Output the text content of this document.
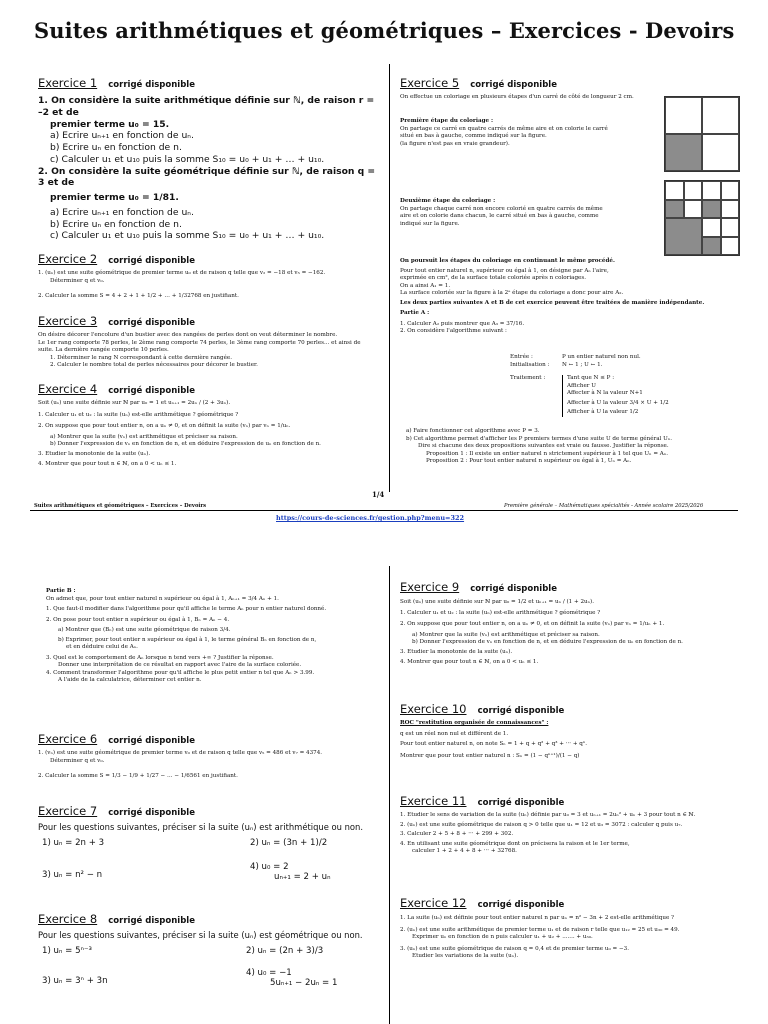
Suites arithmétiques et géométriques – Exercices - Devoirs
Exercice 1 corrigé disponible

1. On considère la suite arithmétique définie sur ℕ, de raison r = –2 et de

premier terme u₀ = 15.

a) Ecrire uₙ₊₁ en fonction de uₙ.

b) Ecrire uₙ en fonction de n.

c) Calculer u₁ et u₁₀ puis la somme S₁₀ = u₀ + u₁ + … + u₁₀.

2. On considère la suite géométrique définie sur ℕ, de raison q = 3 et de

premier terme u₀ = 1/81.

a) Ecrire uₙ₊₁ en fonction de uₙ.

b) Ecrire uₙ en fonction de n.

c) Calculer u₁ et u₁₀ puis la somme S₁₀ = u₀ + u₁ + … + u₁₀.

Exercice 2 corrigé disponible

1. (uₙ) est une suite géométrique de premier terme u₀ et de raison q telle que v₂ = −18 et v₅ = −162.

Déterminer q et v₀.

2. Calculer la somme S = 4 + 2 + 1 + 1/2 + … + 1/32768 en justifiant.

Exercice 3 corrigé disponible

On désire décorer l'encolure d'un bustier avec des rangées de perles dont on veut déterminer le nombre.

Le 1er rang comporte 78 perles, le 2ème rang comporte 74 perles, le 3ème rang comporte 70 perles... et ainsi de

suite. La dernière rangée comporte 10 perles.

1. Déterminer le rang N correspondant à cette dernière rangée.

2. Calculer le nombre total de perles nécessaires pour décorer le bustier.

Exercice 4 corrigé disponible

Soit (uₙ) une suite définie sur ℕ par u₀ = 1 et uₙ₊₁ = 2uₙ / (2 + 3uₙ).

1. Calculer u₁ et u₂ : la suite (uₙ) est-elle arithmétique ? géométrique ?

2. On suppose que pour tout entier n, on a uₙ ≠ 0, et on définit la suite (vₙ) par vₙ = 1/uₙ.

a) Montrer que la suite (vₙ) est arithmétique et préciser sa raison.

b) Donner l'expression de vₙ en fonction de n, et en déduire l'expression de uₙ en fonction de n.

3. Etudier la monotonie de la suite (uₙ).

4. Montrer que pour tout n ∈ ℕ, on a 0 < uₙ ≤ 1.

Exercice 5 corrigé disponible

On effectue un coloriage en plusieurs étapes d'un carré de côté de longueur 2 cm.

Première étape du coloriage :

On partage ce carré en quatre carrés de même aire et on colorie le carré

situé en bas à gauche, comme indiqué sur la figure.

(la figure n'est pas en vraie grandeur).

Deuxième étape du coloriage :

On partage chaque carré non encore colorié en quatre carrés de même

aire et on colorie dans chacun, le carré situé en bas à gauche, comme

indiqué sur la figure.

On poursuit les étapes du coloriage en continuant le même procédé.

Pour tout entier naturel n, supérieur ou égal à 1, on désigne par Aₙ l'aire,

exprimée en cm², de la surface totale coloriée après n coloriages.

On a ainsi A₁ = 1.

La surface coloriée sur la figure à la 2ᵉ étape du coloriage a donc pour aire A₂.

Les deux parties suivantes A et B de cet exercice peuvent être traitées de manière indépendante.

Partie A :

1. Calculer A₂ puis montrer que A₃ = 37/16.

2. On considère l'algorithme suivant :

Entrée :	P un entier naturel non nul.
Initialisation :	N ← 1 ; U ← 1.
Traitement :	Tant que N ≤ P :

Afficher U

Affecter à N la valeur N+1

Affecter à U la valeur 3/4 × U + 1/2

Afficher à U la valeur 1/2

a) Faire fonctionner cet algorithme avec P = 3.

b) Cet algorithme permet d'afficher les P premiers termes d'une suite U de terme général Uₙ.

Dire si chacune des deux propositions suivantes est vraie ou fausse. Justifier la réponse.

Proposition 1 : Il existe un entier naturel n strictement supérieur à 1 tel que Uₙ = Aₙ.

Proposition 2 : Pour tout entier naturel n supérieur ou égal à 1, Uₙ = Aₙ.

1/4
Suites arithmétiques et géométriques – Exercices – Devoirs	Première générale – Mathématiques spécialités - Année scolaire 2025/2026
https://cours-de-sciences.fr/gestion.php?menu=322

Partie B :

On admet que, pour tout entier naturel n supérieur ou égal à 1, Aₙ₊₁ = 3/4 Aₙ + 1.

1. Que faut-il modifier dans l'algorithme pour qu'il affiche le terme Aₙ pour n entier naturel donné.

2. On pose pour tout entier n supérieur ou égal à 1, Bₙ = Aₙ − 4.

a) Montrer que (Bₙ) est une suite géométrique de raison 3/4.

b) Exprimer, pour tout entier n supérieur ou égal à 1, le terme général Bₙ en fonction de n,

et en déduire celui de Aₙ.

3. Quel est le comportement de Aₙ lorsque n tend vers +∞ ? Justifier la réponse.

Donner une interprétation de ce résultat en rapport avec l'aire de la surface coloriée.

4. Comment transformer l'algorithme pour qu'il affiche le plus petit entier n tel que Aₙ > 3.99.

A l'aide de la calculatrice, déterminer cet entier n.

Exercice 6 corrigé disponible

1. (vₙ) est une suite géométrique de premier terme v₀ et de raison q telle que v₅ = 486 et v₇ = 4374.

Déterminer q et v₀.

2. Calculer la somme S = 1/3 − 1/9 + 1/27 − … − 1/6561 en justifiant.

Exercice 7 corrigé disponible
Pour les questions suivantes, préciser si la suite (uₙ) est arithmétique ou non.
1) uₙ = 2n + 3	2) uₙ = (3n + 1)/2
3) uₙ = n² − n
4) u₀ = 2
uₙ₊₁ = 2 + uₙ
Exercice 8 corrigé disponible
Pour les questions suivantes, préciser si la suite (uₙ) est géométrique ou non.
1) uₙ = 5ⁿ⁻³	2) uₙ = (2n + 3)/3
3) uₙ = 3ⁿ + 3n
4) u₀ = −1
5uₙ₊₁ − 2uₙ = 1
Exercice 9 corrigé disponible

Soit (uₙ) une suite définie sur ℕ par u₀ = 1/2 et uₙ₊₁ = uₙ / (1 + 2uₙ).

1. Calculer u₁ et u₂ : la suite (uₙ) est-elle arithmétique ? géométrique ?

2. On suppose que pour tout entier n, on a uₙ ≠ 0, et on définit la suite (vₙ) par vₙ = 1/uₙ + 1.

a) Montrer que la suite (vₙ) est arithmétique et préciser sa raison.

b) Donner l'expression de vₙ en fonction de n, et en déduire l'expression de uₙ en fonction de n.

3. Etudier la monotonie de la suite (uₙ).

4. Montrer que pour tout n ∈ ℕ, on a 0 < uₙ ≤ 1.

Exercice 10 corrigé disponible

ROC "restitution organisée de connaissances" :

q est un réel non nul et différent de 1.

Pour tout entier naturel n, on note Sₙ = 1 + q + q² + q³ + ··· + qⁿ.

Montrer que pour tout entier naturel n : Sₙ = (1 − qⁿ⁺¹)/(1 − q)

Exercice 11 corrigé disponible

1. Etudier le sens de variation de la suite (uₙ) définie par u₀ = 3 et uₙ₊₁ = 2uₙ² + uₙ + 3 pour tout n ∈ ℕ.

2. (uₙ) est une suite géométrique de raison q > 0 telle que u₁ = 12 et u₃ = 3072 : calculer q puis u₇.

3. Calculer 2 + 5 + 8 + ··· + 299 + 302.

4. En utilisant une suite géométrique dont on précisera la raison et le 1er terme,

calculer 1 + 2 + 4 + 8 + ··· + 32768.

Exercice 12 corrigé disponible

1. La suite (uₙ) est définie pour tout entier naturel n par uₙ = n² − 3n + 2 est-elle arithmétique ?

2. (uₙ) est une suite arithmétique de premier terme u₁ et de raison r telle que u₁₂ = 25 et u₃₀ = 49.

Exprimer uₙ en fonction de n puis calculer u₁ + u₂ + ....... + u₃₀.

3. (uₙ) est une suite géométrique de raison q = 0,4 et de premier terme u₀ = −3.

Etudier les variations de la suite (uₙ).
